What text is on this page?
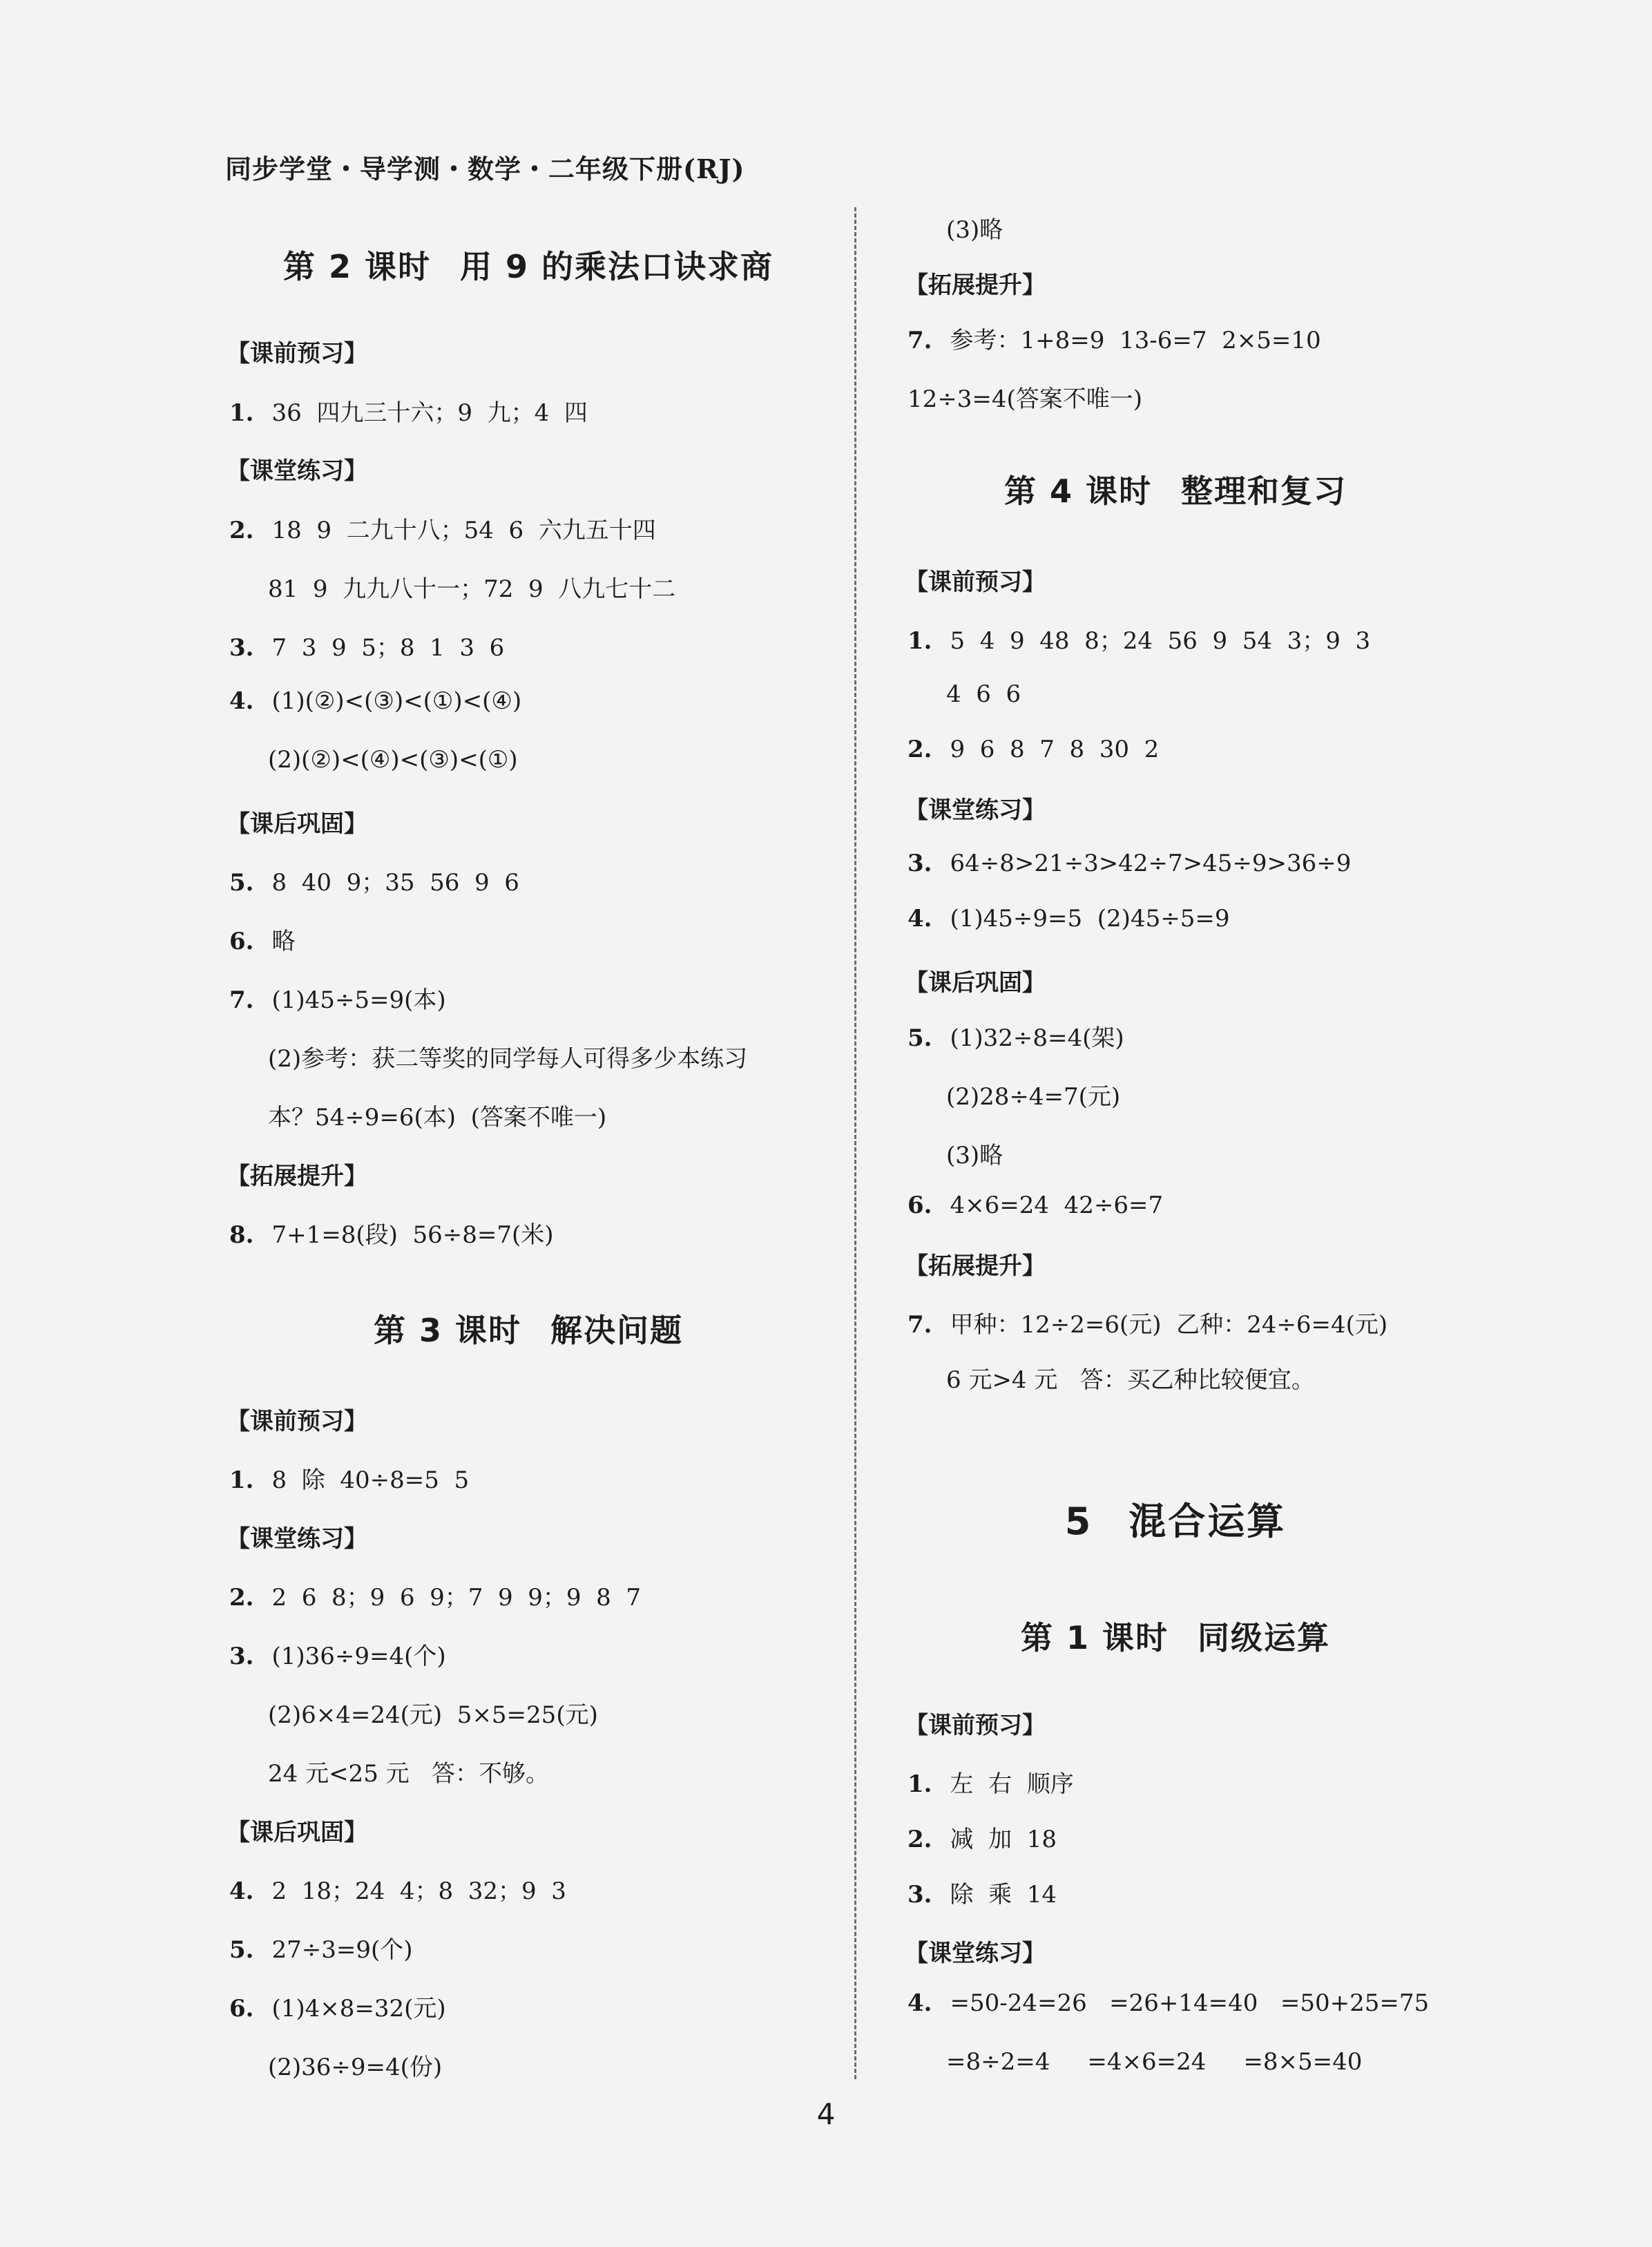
同步学堂・导学测・数学・二年级下册(RJ)
第 2 课时 用 9 的乘法口诀求商
【课前预习】
1. 36  四九三十六；9  九；4  四
【课堂练习】
2. 18  9  二九十八；54  6  六九五十四
81  9  九九八十一；72  9  八九七十二
3. 7  3  9  5；8  1  3  6
4. (1)(②)<(③)<(①)<(④)
(2)(②)<(④)<(③)<(①)
【课后巩固】
5. 8  40  9；35  56  9  6
6. 略
7. (1)45÷5=9(本)
(2)参考：获二等奖的同学每人可得多少本练习
本？54÷9=6(本)  (答案不唯一)
【拓展提升】
8. 7+1=8(段)  56÷8=7(米)
第 3 课时 解决问题
【课前预习】
1. 8  除  40÷8=5  5
【课堂练习】
2. 2  6  8；9  6  9；7  9  9；9  8  7
3. (1)36÷9=4(个)
(2)6×4=24(元)  5×5=25(元)
24 元<25 元   答：不够。
【课后巩固】
4. 2  18；24  4；8  32；9  3
5. 27÷3=9(个)
6. (1)4×8=32(元)
(2)36÷9=4(份)
(3)略
【拓展提升】
7. 参考：1+8=9  13-6=7  2×5=10
12÷3=4(答案不唯一)
第 4 课时 整理和复习
【课前预习】
1. 5  4  9  48  8；24  56  9  54  3；9  3
4  6  6
2. 9  6  8  7  8  30  2
【课堂练习】
3. 64÷8>21÷3>42÷7>45÷9>36÷9
4. (1)45÷9=5  (2)45÷5=9
【课后巩固】
5. (1)32÷8=4(架)
(2)28÷4=7(元)
(3)略
6. 4×6=24  42÷6=7
【拓展提升】
7. 甲种：12÷2=6(元)  乙种：24÷6=4(元)
6 元>4 元   答：买乙种比较便宜。
5 混合运算
第 1 课时 同级运算
【课前预习】
1. 左  右  顺序
2. 减  加  18
3. 除  乘  14
【课堂练习】
4. =50-24=26   =26+14=40   =50+25=75
=8÷2=4     =4×6=24     =8×5=40
4
